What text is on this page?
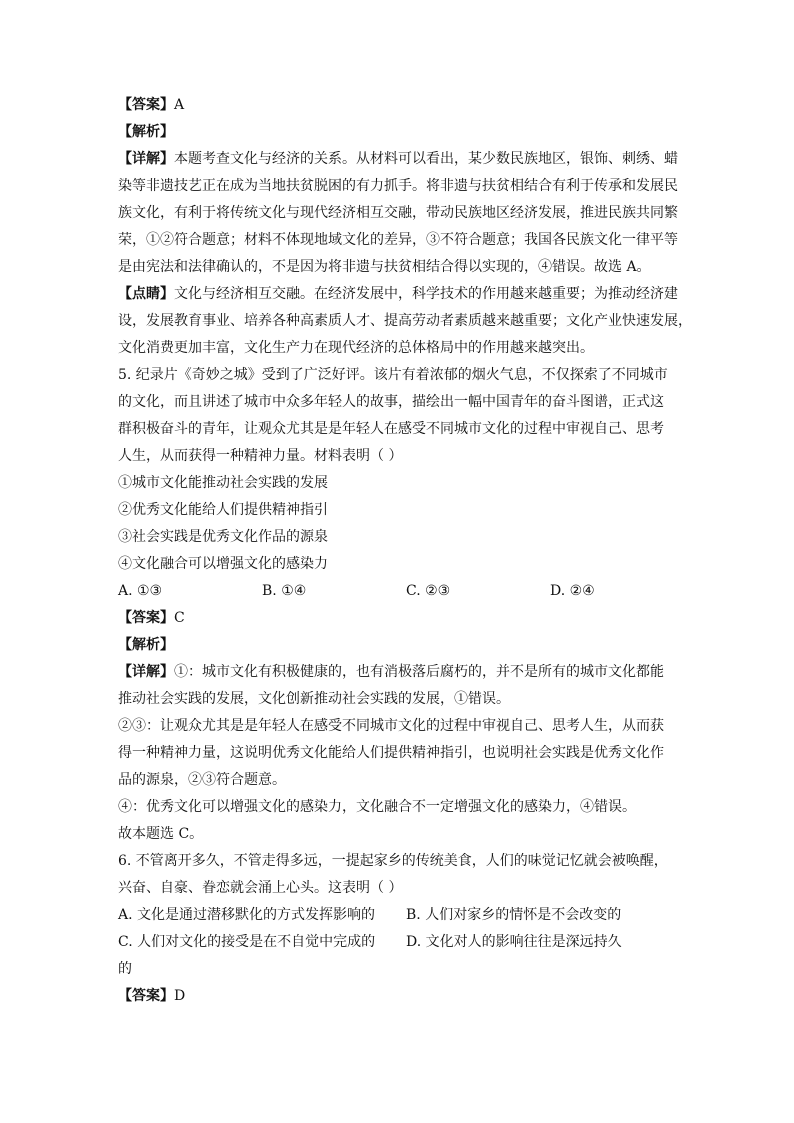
【答案】A
【解析】
【详解】本题考查文化与经济的关系。从材料可以看出，某少数民族地区，银饰、刺绣、蜡
染等非遗技艺正在成为当地扶贫脱困的有力抓手。将非遗与扶贫相结合有利于传承和发展民
族文化，有利于将传统文化与现代经济相互交融，带动民族地区经济发展，推进民族共同繁
荣，①②符合题意；材料不体现地域文化的差异，③不符合题意；我国各民族文化一律平等
是由宪法和法律确认的，不是因为将非遗与扶贫相结合得以实现的，④错误。故选 A。
【点睛】文化与经济相互交融。在经济发展中，科学技术的作用越来越重要；为推动经济建
设，发展教育事业、培养各种高素质人才、提高劳动者素质越来越重要；文化产业快速发展，
文化消费更加丰富，文化生产力在现代经济的总体格局中的作用越来越突出。
5. 纪录片《奇妙之城》受到了广泛好评。该片有着浓郁的烟火气息，不仅探索了不同城市
的文化，而且讲述了城市中众多年轻人的故事，描绘出一幅中国青年的奋斗图谱，正式这
群积极奋斗的青年，让观众尤其是是年轻人在感受不同城市文化的过程中审视自己、思考
人生，从而获得一种精神力量。材料表明（ ）
①城市文化能推动社会实践的发展
②优秀文化能给人们提供精神指引
③社会实践是优秀文化作品的源泉
④文化融合可以增强文化的感染力
A. ①③	B. ①④	C. ②③	D. ②④
【答案】C
【解析】
【详解】①：城市文化有积极健康的，也有消极落后腐朽的，并不是所有的城市文化都能
推动社会实践的发展，文化创新推动社会实践的发展，①错误。
②③：让观众尤其是是年轻人在感受不同城市文化的过程中审视自己、思考人生，从而获
得一种精神力量，这说明优秀文化能给人们提供精神指引，也说明社会实践是优秀文化作
品的源泉，②③符合题意。
④：优秀文化可以增强文化的感染力，文化融合不一定增强文化的感染力，④错误。
故本题选 C。
6. 不管离开多久，不管走得多远，一提起家乡的传统美食，人们的味觉记忆就会被唤醒，
兴奋、自豪、眷恋就会涌上心头。这表明（ ）
A. 文化是通过潜移默化的方式发挥影响的	B. 人们对家乡的情怀是不会改变的
C. 人们对文化的接受是在不自觉中完成的	D. 文化对人的影响往往是深远持久
的
【答案】D
